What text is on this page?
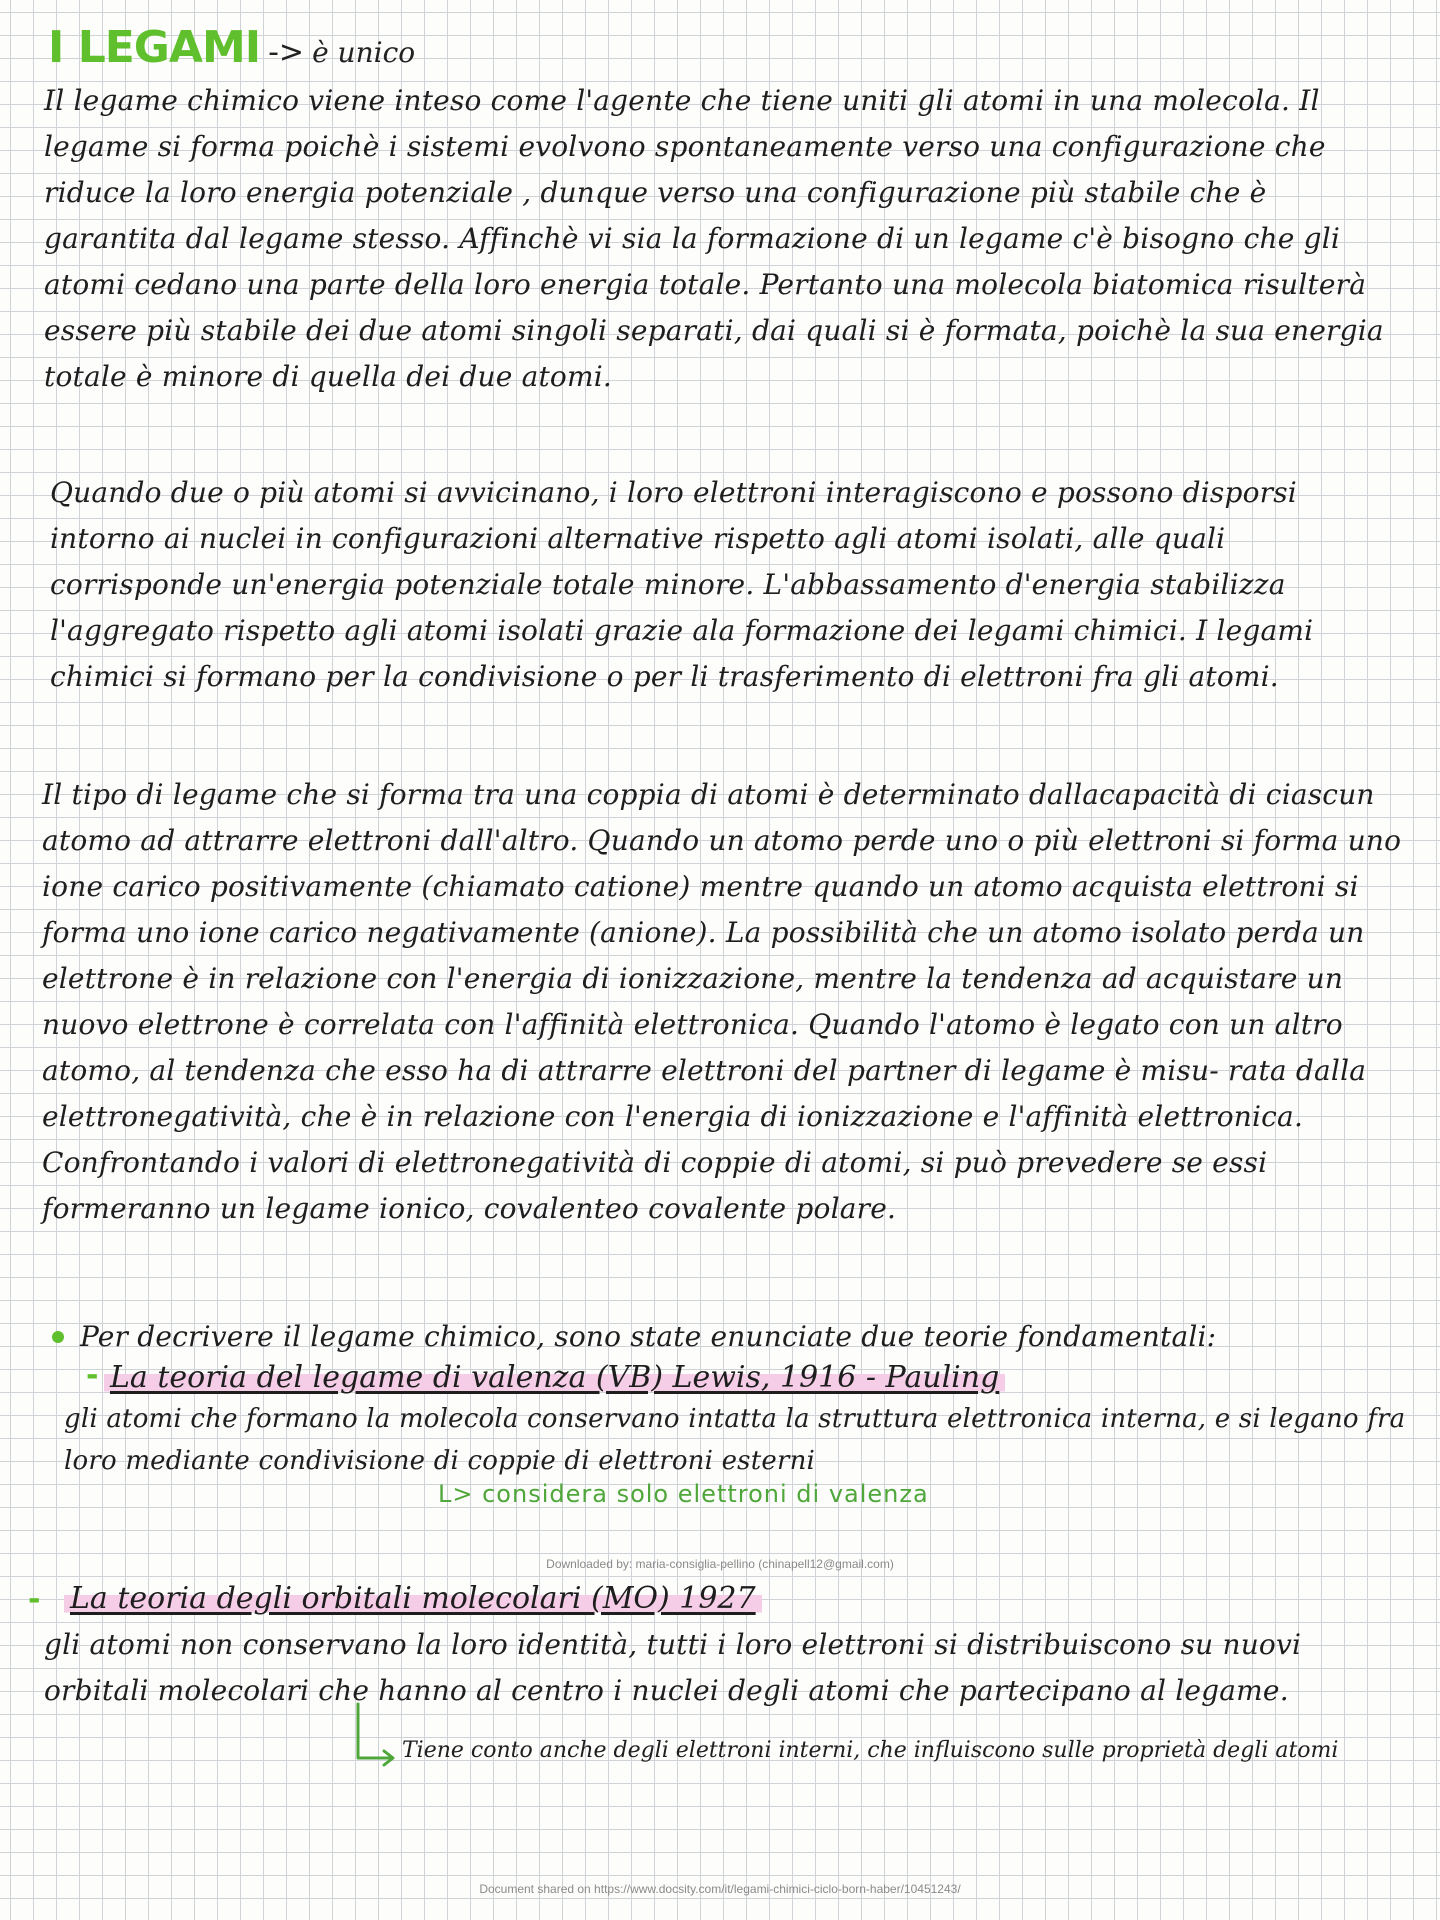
I LEGAMI -> è unico

Il legame chimico viene inteso come l'agente che tiene uniti gli atomi in una molecola. Il legame si forma poichè i sistemi evolvono spontaneamente verso una configurazione che riduce la loro energia potenziale , dunque verso una configurazione più stabile che è garantita dal legame stesso. Affinchè vi sia la formazione di un legame c'è bisogno che gli atomi cedano una parte della loro energia totale. Pertanto una molecola biatomica risulterà essere più stabile dei due atomi singoli separati, dai quali si è formata, poichè la sua energia totale è minore di quella dei due atomi.

Quando due o più atomi si avvicinano, i loro elettroni interagiscono e possono disporsi intorno ai nuclei in configurazioni alternative rispetto agli atomi isolati, alle quali corrisponde un'energia potenziale totale minore. L'abbassamento d'energia stabilizza l'aggregato rispetto agli atomi isolati grazie ala formazione dei legami chimici. I legami chimici si formano per la condivisione o per li trasferimento di elettroni fra gli atomi.

Il tipo di legame che si forma tra una coppia di atomi è determinato dallacapacità di ciascun atomo ad attrarre elettroni dall'altro. Quando un atomo perde uno o più elettroni si forma uno ione carico positivamente (chiamato catione) mentre quando un atomo acquista elettroni si forma uno ione carico negativamente (anione). La possibilità che un atomo isolato perda un elettrone è in relazione con l'energia di ionizzazione, mentre la tendenza ad acquistare un nuovo elettrone è correlata con l'affinità elettronica. Quando l'atomo è legato con un altro atomo, al tendenza che esso ha di attrarre elettroni del partner di legame è misu- rata dalla elettronegatività, che è in relazione con l'energia di ionizzazione e l'affinità elettronica. Confrontando i valori di elettronegatività di coppie di atomi, si può prevedere se essi formeranno un legame ionico, covalenteo covalente polare.

Per decrivere il legame chimico, sono state enunciate due teorie fondamentali:
- La teoria del legame di valenza (VB) Lewis, 1916 - Pauling

gli atomi che formano la molecola conservano intatta la struttura elettronica interna, e si legano fra loro mediante condivisione di coppie di elettroni esterni

L> considera solo elettroni di valenza
Downloaded by: maria-consiglia-pellino (chinapell12@gmail.com)
- La teoria degli orbitali molecolari (MO) 1927

gli atomi non conservano la loro identità, tutti i loro elettroni si distribuiscono su nuovi orbitali molecolari che hanno al centro i nuclei degli atomi che partecipano al legame.

Tiene conto anche degli elettroni interni, che influiscono sulle proprietà degli atomi
Document shared on https://www.docsity.com/it/legami-chimici-ciclo-born-haber/10451243/
